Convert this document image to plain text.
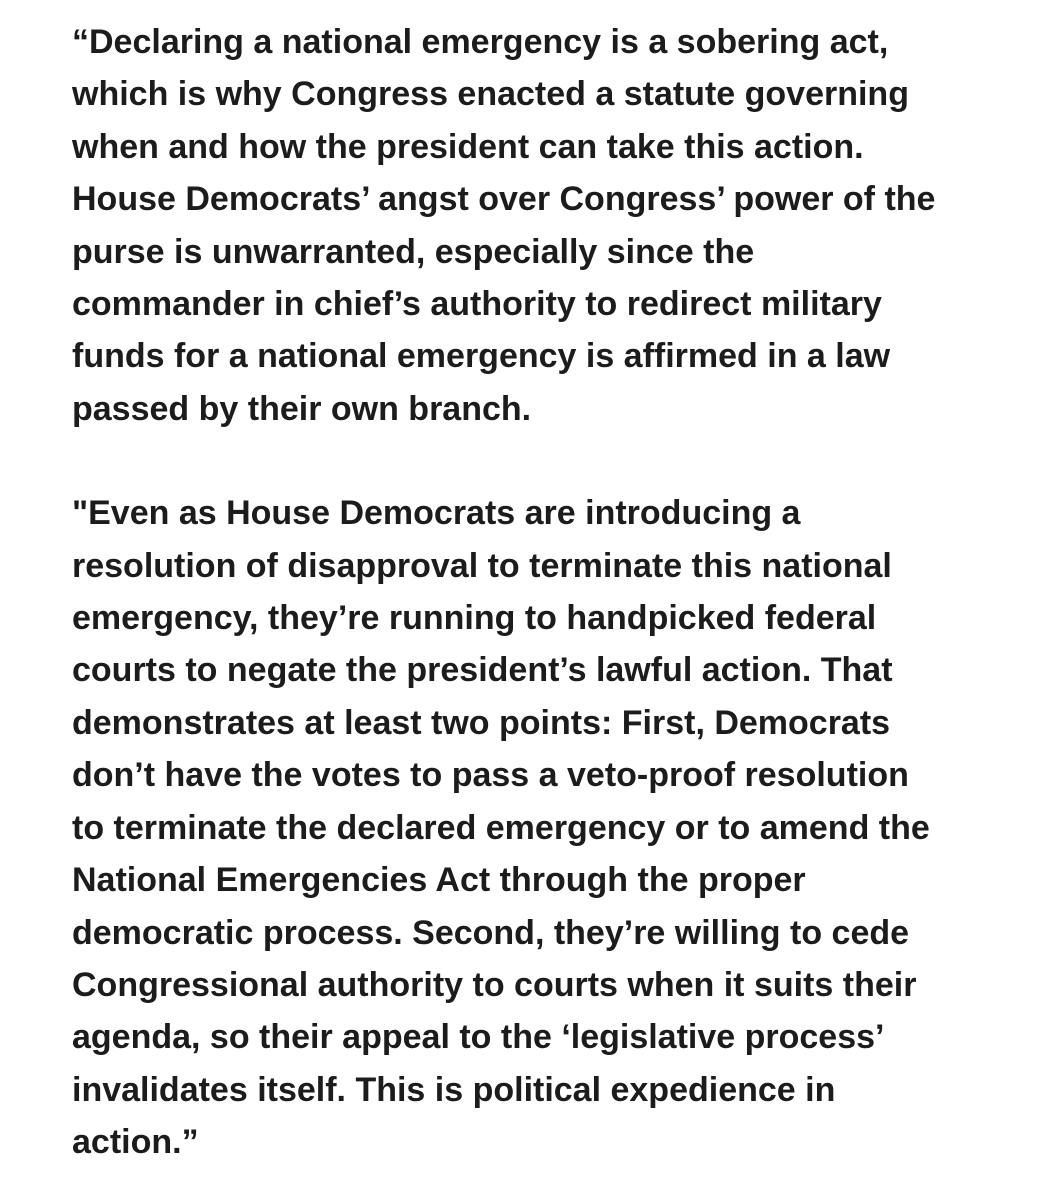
“Declaring a national emergency is a sobering act,
which is why Congress enacted a statute governing
when and how the president can take this action.
House Democrats’ angst over Congress’ power of the
purse is unwarranted, especially since the
commander in chief’s authority to redirect military
funds for a national emergency is affirmed in a law
passed by their own branch.

"Even as House Democrats are introducing a
resolution of disapproval to terminate this national
emergency, they’re running to handpicked federal
courts to negate the president’s lawful action. That
demonstrates at least two points: First, Democrats
don’t have the votes to pass a veto-proof resolution
to terminate the declared emergency or to amend the
National Emergencies Act through the proper
democratic process. Second, they’re willing to cede
Congressional authority to courts when it suits their
agenda, so their appeal to the ‘legislative process’
invalidates itself. This is political expedience in
action.”
